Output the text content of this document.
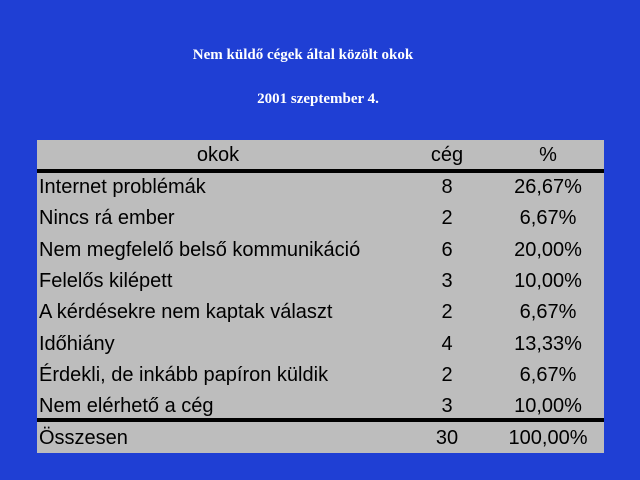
Nem küldő cégek által közölt okok
2001 szeptember 4.
okok	cég	%
Internet problémák	8	26,67%
Nincs rá ember	2	6,67%
Nem megfelelő belső kommunikáció	6	20,00%
Felelős kilépett	3	10,00%
A kérdésekre nem kaptak választ	2	6,67%
Időhiány	4	13,33%
Érdekli, de inkább papíron küldik	2	6,67%
Nem elérhető a cég	3	10,00%
Összesen	30	100,00%
